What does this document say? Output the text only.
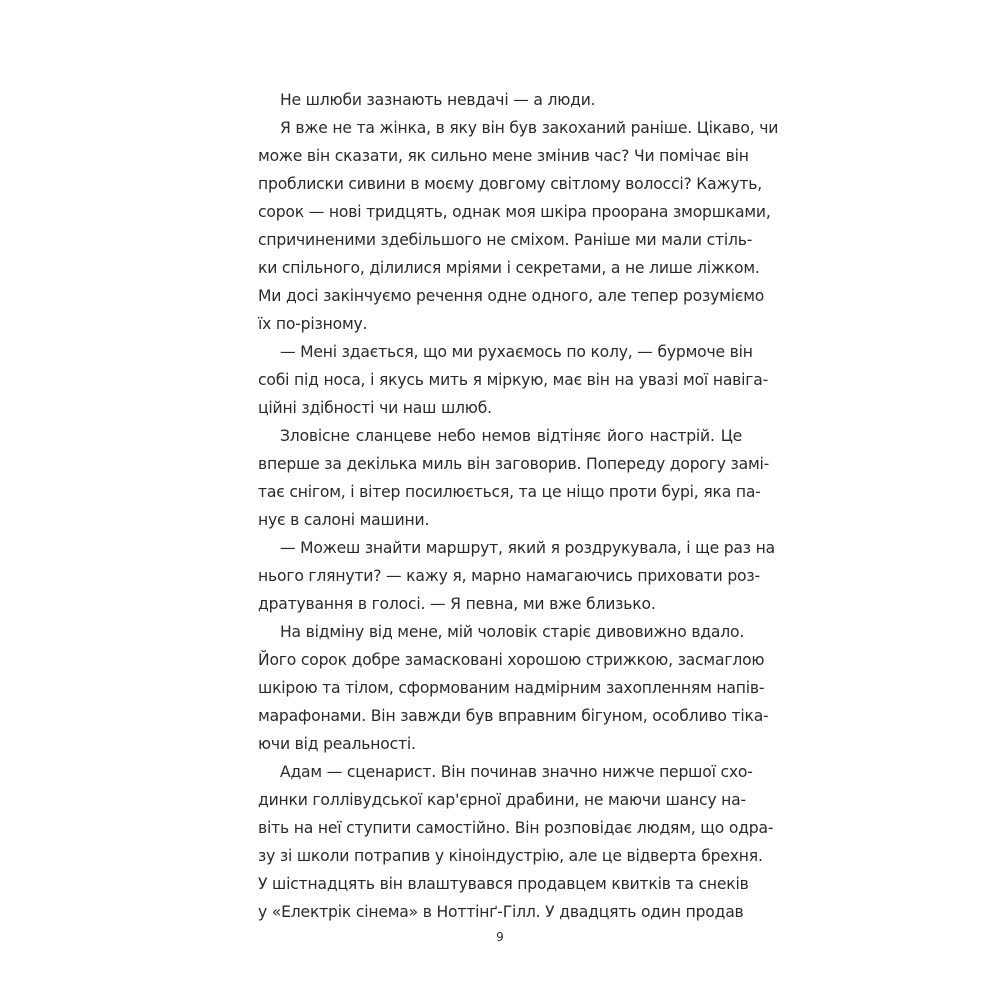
Не шлюби зазнають невдачі — а люди.

Я вже не та жінка, в яку він був закоханий раніше. Цікаво, чи

може він сказати, як сильно мене змінив час? Чи помічає він

проблиски сивини в моєму довгому світлому волоссі? Кажуть,

сорок — нові тридцять, однак моя шкіра проорана зморшками,

спричиненими здебільшого не сміхом. Раніше ми мали стіль-

ки спільного, ділилися мріями і секретами, а не лише ліжком.

Ми досі закінчуємо речення одне одного, але тепер розуміємо

їх по-різному.

— Мені здається, що ми рухаємось по колу, — бурмоче він

собі під носа, і якусь мить я міркую, має він на увазі мої навіга-

ційні здібності чи наш шлюб.

Зловісне сланцеве небо немов відтіняє його настрій. Це

вперше за декілька миль він заговорив. Попереду дорогу замі-

тає снігом, і вітер посилюється, та це ніщо проти бурі, яка па-

нує в салоні машини.

— Можеш знайти маршрут, який я роздрукувала, і ще раз на

нього глянути? — кажу я, марно намагаючись приховати роз-

дратування в голосі. — Я певна, ми вже близько.

На відміну від мене, мій чоловік старіє дивовижно вдало.

Його сорок добре замасковані хорошою стрижкою, засмаглою

шкірою та тілом, сформованим надмірним захопленням напів-

марафонами. Він завжди був вправним бігуном, особливо тіка-

ючи від реальності.

Адам — сценарист. Він починав значно нижче першої схо-

динки голлівудської кар'єрної драбини, не маючи шансу на-

віть на неї ступити самостійно. Він розповідає людям, що одра-

зу зі школи потрапив у кіноіндустрію, але це відверта брехня.

У шістнадцять він влаштувався продавцем квитків та снеків

у «Електрік сінема» в Ноттінґ-Гілл. У двадцять один продав

9
